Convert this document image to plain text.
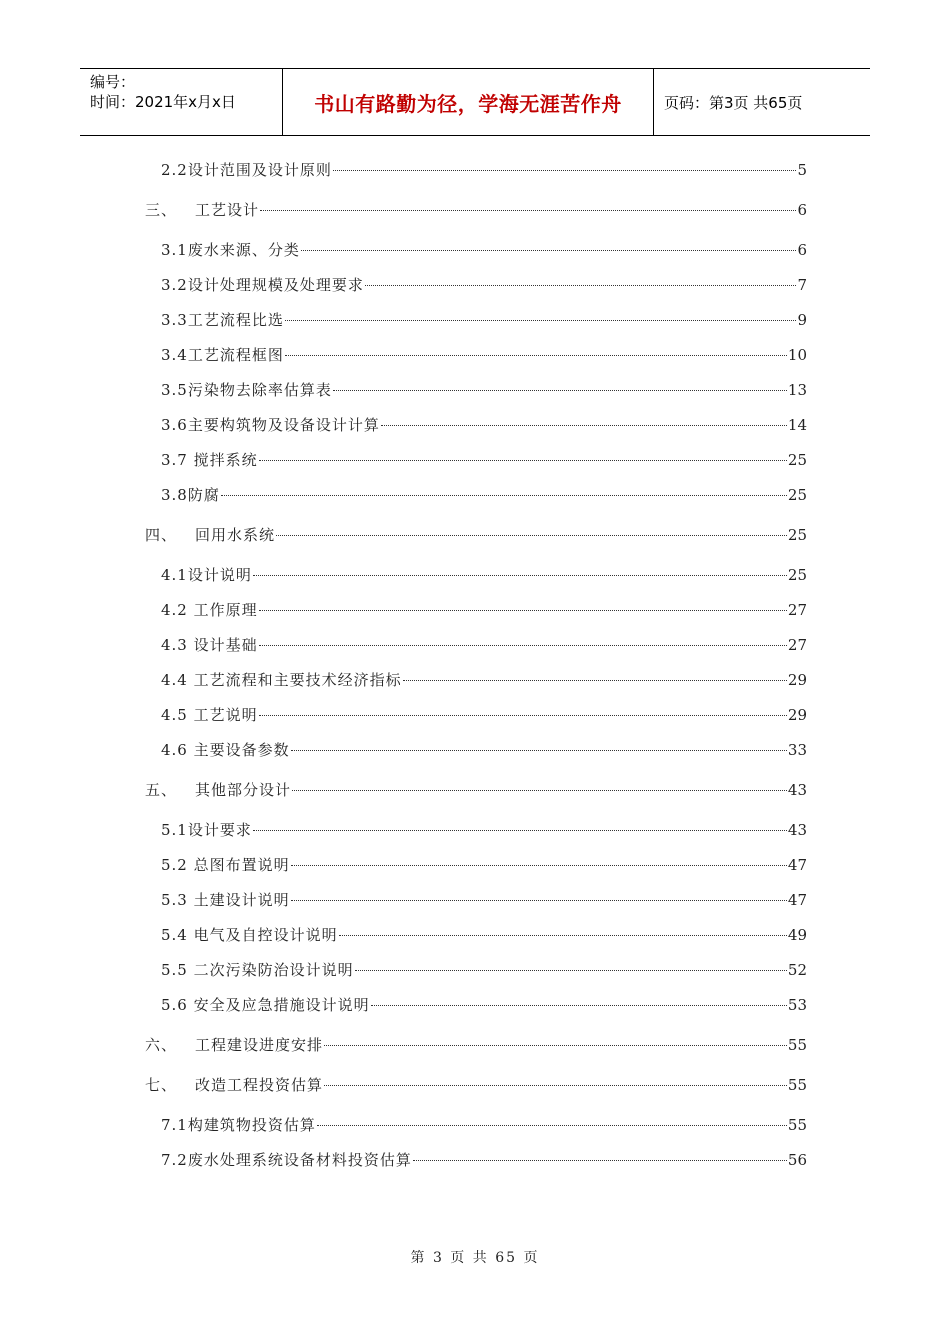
编号：
时间：2021年x月x日	书山有路勤为径，学海无涯苦作舟	页码：第3页 共65页
2.2 设计范围及设计原则	5
三、	工艺设计	6
3.1 废水来源、分类	6
3.2 设计处理规模及处理要求	7
3.3 工艺流程比选	9
3.4 工艺流程框图	10
3.5 污染物去除率估算表	13
3.6 主要构筑物及设备设计计算	14
3.7 搅拌系统	25
3.8 防腐	25
四、	回用水系统	25
4.1 设计说明	25
4.2 工作原理	27
4.3 设计基础	27
4.4 工艺流程和主要技术经济指标	29
4.5 工艺说明	29
4.6 主要设备参数	33
五、	其他部分设计	43
5.1 设计要求	43
5.2 总图布置说明	47
5.3 土建设计说明	47
5.4 电气及自控设计说明	49
5.5 二次污染防治设计说明	52
5.6 安全及应急措施设计说明	53
六、	工程建设进度安排	55
七、	改造工程投资估算	55
7.1 构建筑物投资估算	55
7.2 废水处理系统设备材料投资估算	56
第 3 页 共 65 页
